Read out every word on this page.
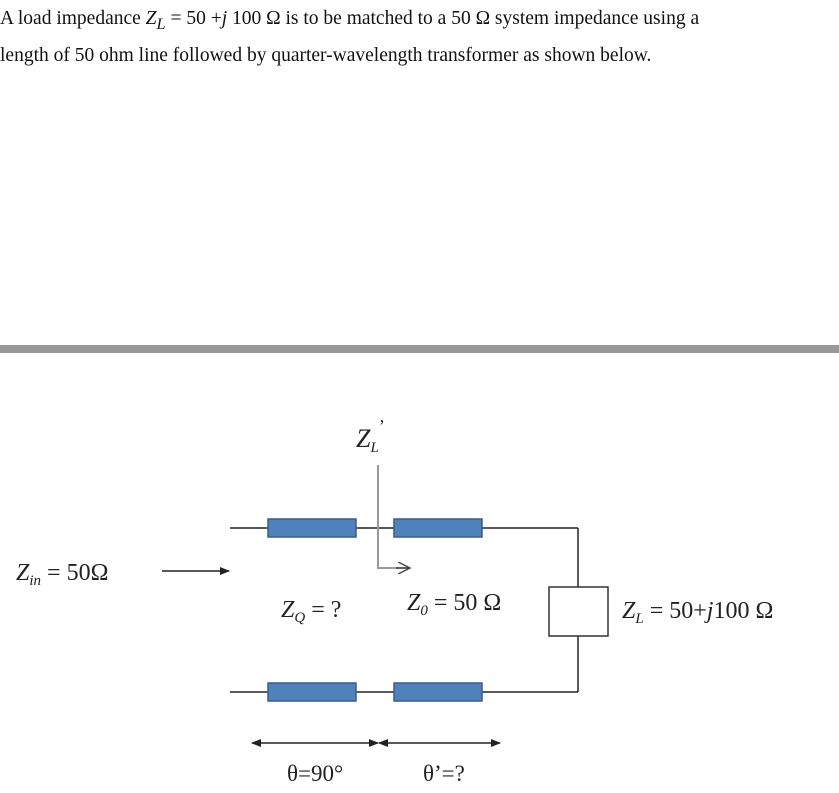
A load impedance $Z_L = 50 +j$ 100 Ω is to be matched to a 50 Ω system impedance using a
length of 50 ohm line followed by quarter-wavelength transformer as shown below.
ZL’
$Z_{in} = 50\Omega$
$Z_Q$ = ?	$Z_0 = 50$ Ω	$Z_L = 50+j100$ Ω
θ=90°	θ’=?
